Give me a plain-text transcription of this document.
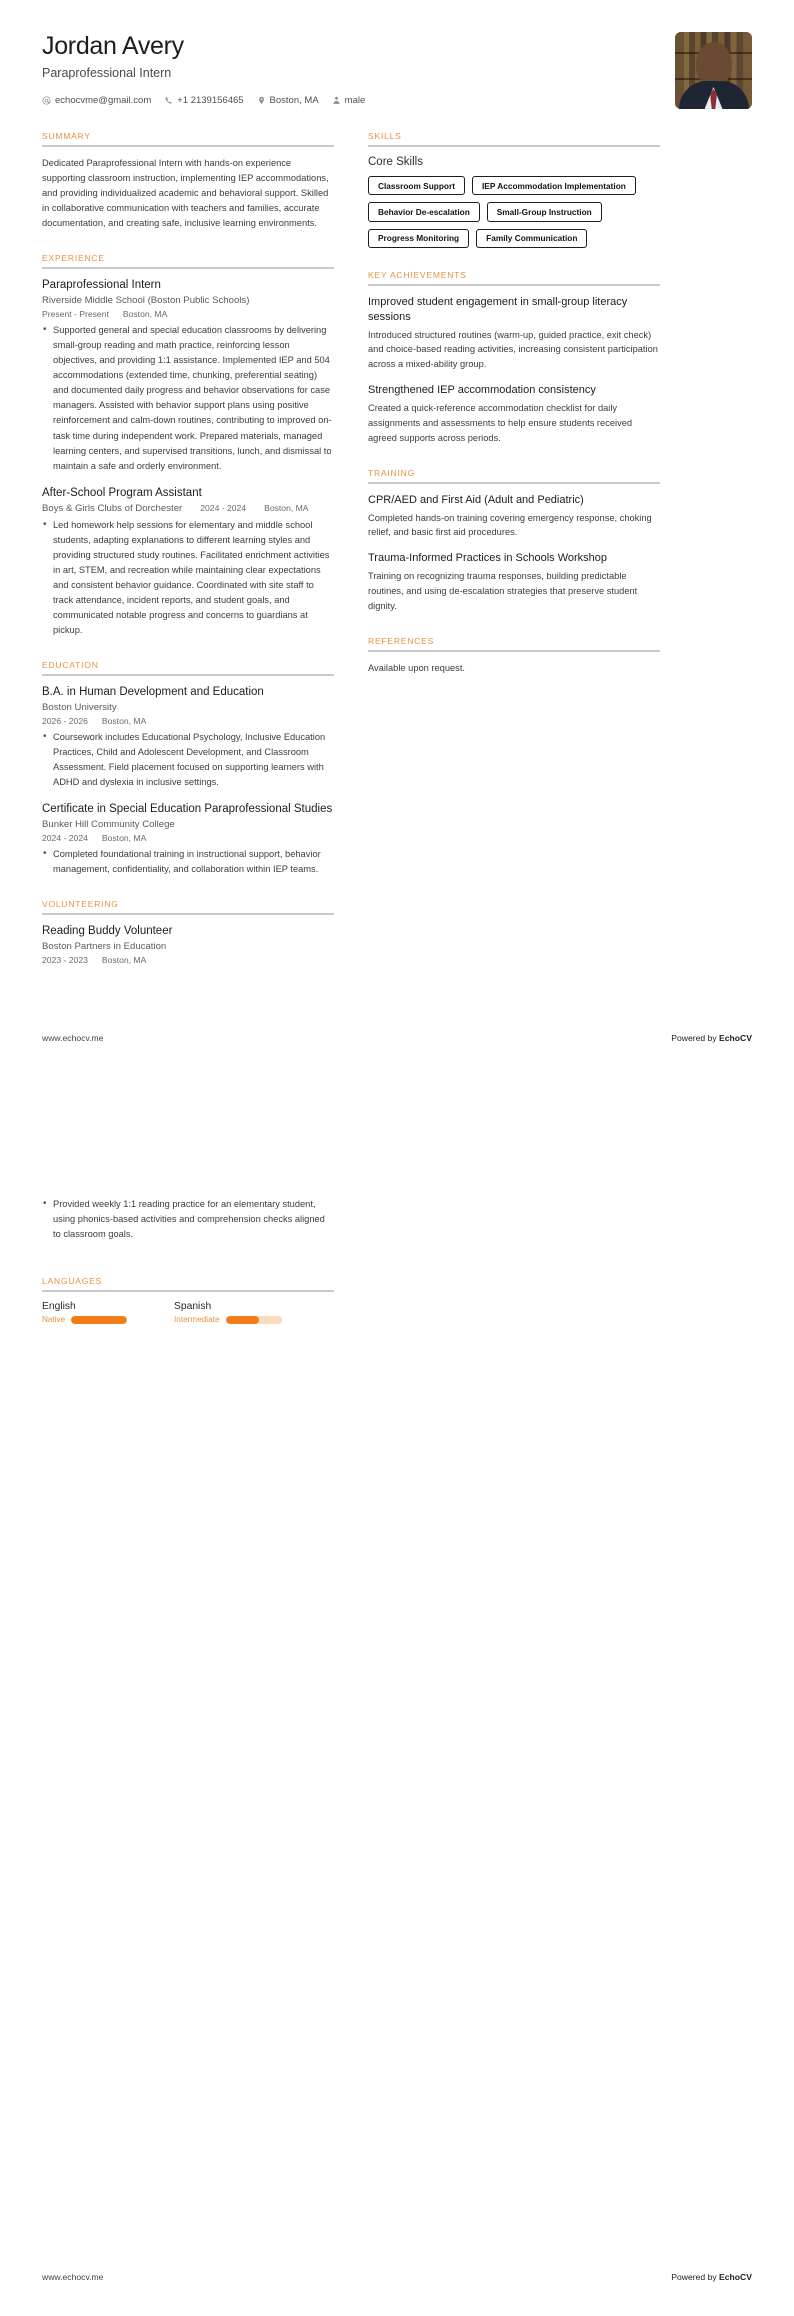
Jordan Avery
Paraprofessional Intern
echocvme@gmail.com	+1 2139156465	Boston, MA	male
SUMMARY
Dedicated Paraprofessional Intern with hands-on experience supporting classroom instruction, implementing IEP accommodations, and providing individualized academic and behavioral support. Skilled in collaborative communication with teachers and families, accurate documentation, and creating safe, inclusive learning environments.
EXPERIENCE
Paraprofessional Intern
Riverside Middle School (Boston Public Schools)
Present - Present Boston, MA
• Supported general and special education classrooms by delivering small-group reading and math practice, reinforcing lesson objectives, and providing 1:1 assistance. Implemented IEP and 504 accommodations (extended time, chunking, preferential seating) and documented daily progress and behavior observations for case managers. Assisted with behavior support plans using positive reinforcement and calm-down routines, contributing to improved on-task time during independent work. Prepared materials, managed learning centers, and supervised transitions, lunch, and dismissal to maintain a safe and orderly environment.
After-School Program Assistant
Boys & Girls Clubs of Dorchester 2024 - 2024 Boston, MA
• Led homework help sessions for elementary and middle school students, adapting explanations to different learning styles and providing structured study routines. Facilitated enrichment activities in art, STEM, and recreation while maintaining clear expectations and consistent behavior guidance. Coordinated with site staff to track attendance, incident reports, and student goals, and communicated notable progress and concerns to guardians at pickup.
EDUCATION
B.A. in Human Development and Education
Boston University
2026 - 2026 Boston, MA
• Coursework includes Educational Psychology, Inclusive Education Practices, Child and Adolescent Development, and Classroom Assessment. Field placement focused on supporting learners with ADHD and dyslexia in inclusive settings.
Certificate in Special Education Paraprofessional Studies
Bunker Hill Community College
2024 - 2024 Boston, MA
• Completed foundational training in instructional support, behavior management, confidentiality, and collaboration within IEP teams.
VOLUNTEERING
Reading Buddy Volunteer
Boston Partners in Education
2023 - 2023 Boston, MA
SKILLS
Core Skills
Classroom Support	IEP Accommodation Implementation
Behavior De-escalation	Small-Group Instruction
Progress Monitoring	Family Communication
KEY ACHIEVEMENTS
Improved student engagement in small-group literacy sessions
Introduced structured routines (warm-up, guided practice, exit check) and choice-based reading activities, increasing consistent participation across a mixed-ability group.
Strengthened IEP accommodation consistency
Created a quick-reference accommodation checklist for daily assignments and assessments to help ensure students received agreed supports across periods.
TRAINING
CPR/AED and First Aid (Adult and Pediatric)
Completed hands-on training covering emergency response, choking relief, and basic first aid procedures.
Trauma-Informed Practices in Schools Workshop
Training on recognizing trauma responses, building predictable routines, and using de-escalation strategies that preserve student dignity.
REFERENCES
Available upon request.
www.echocv.me	Powered by EchoCV
• Provided weekly 1:1 reading practice for an elementary student, using phonics-based activities and comprehension checks aligned to classroom goals.
LANGUAGES
English
Native
Spanish
Intermediate
www.echocv.me	Powered by EchoCV
